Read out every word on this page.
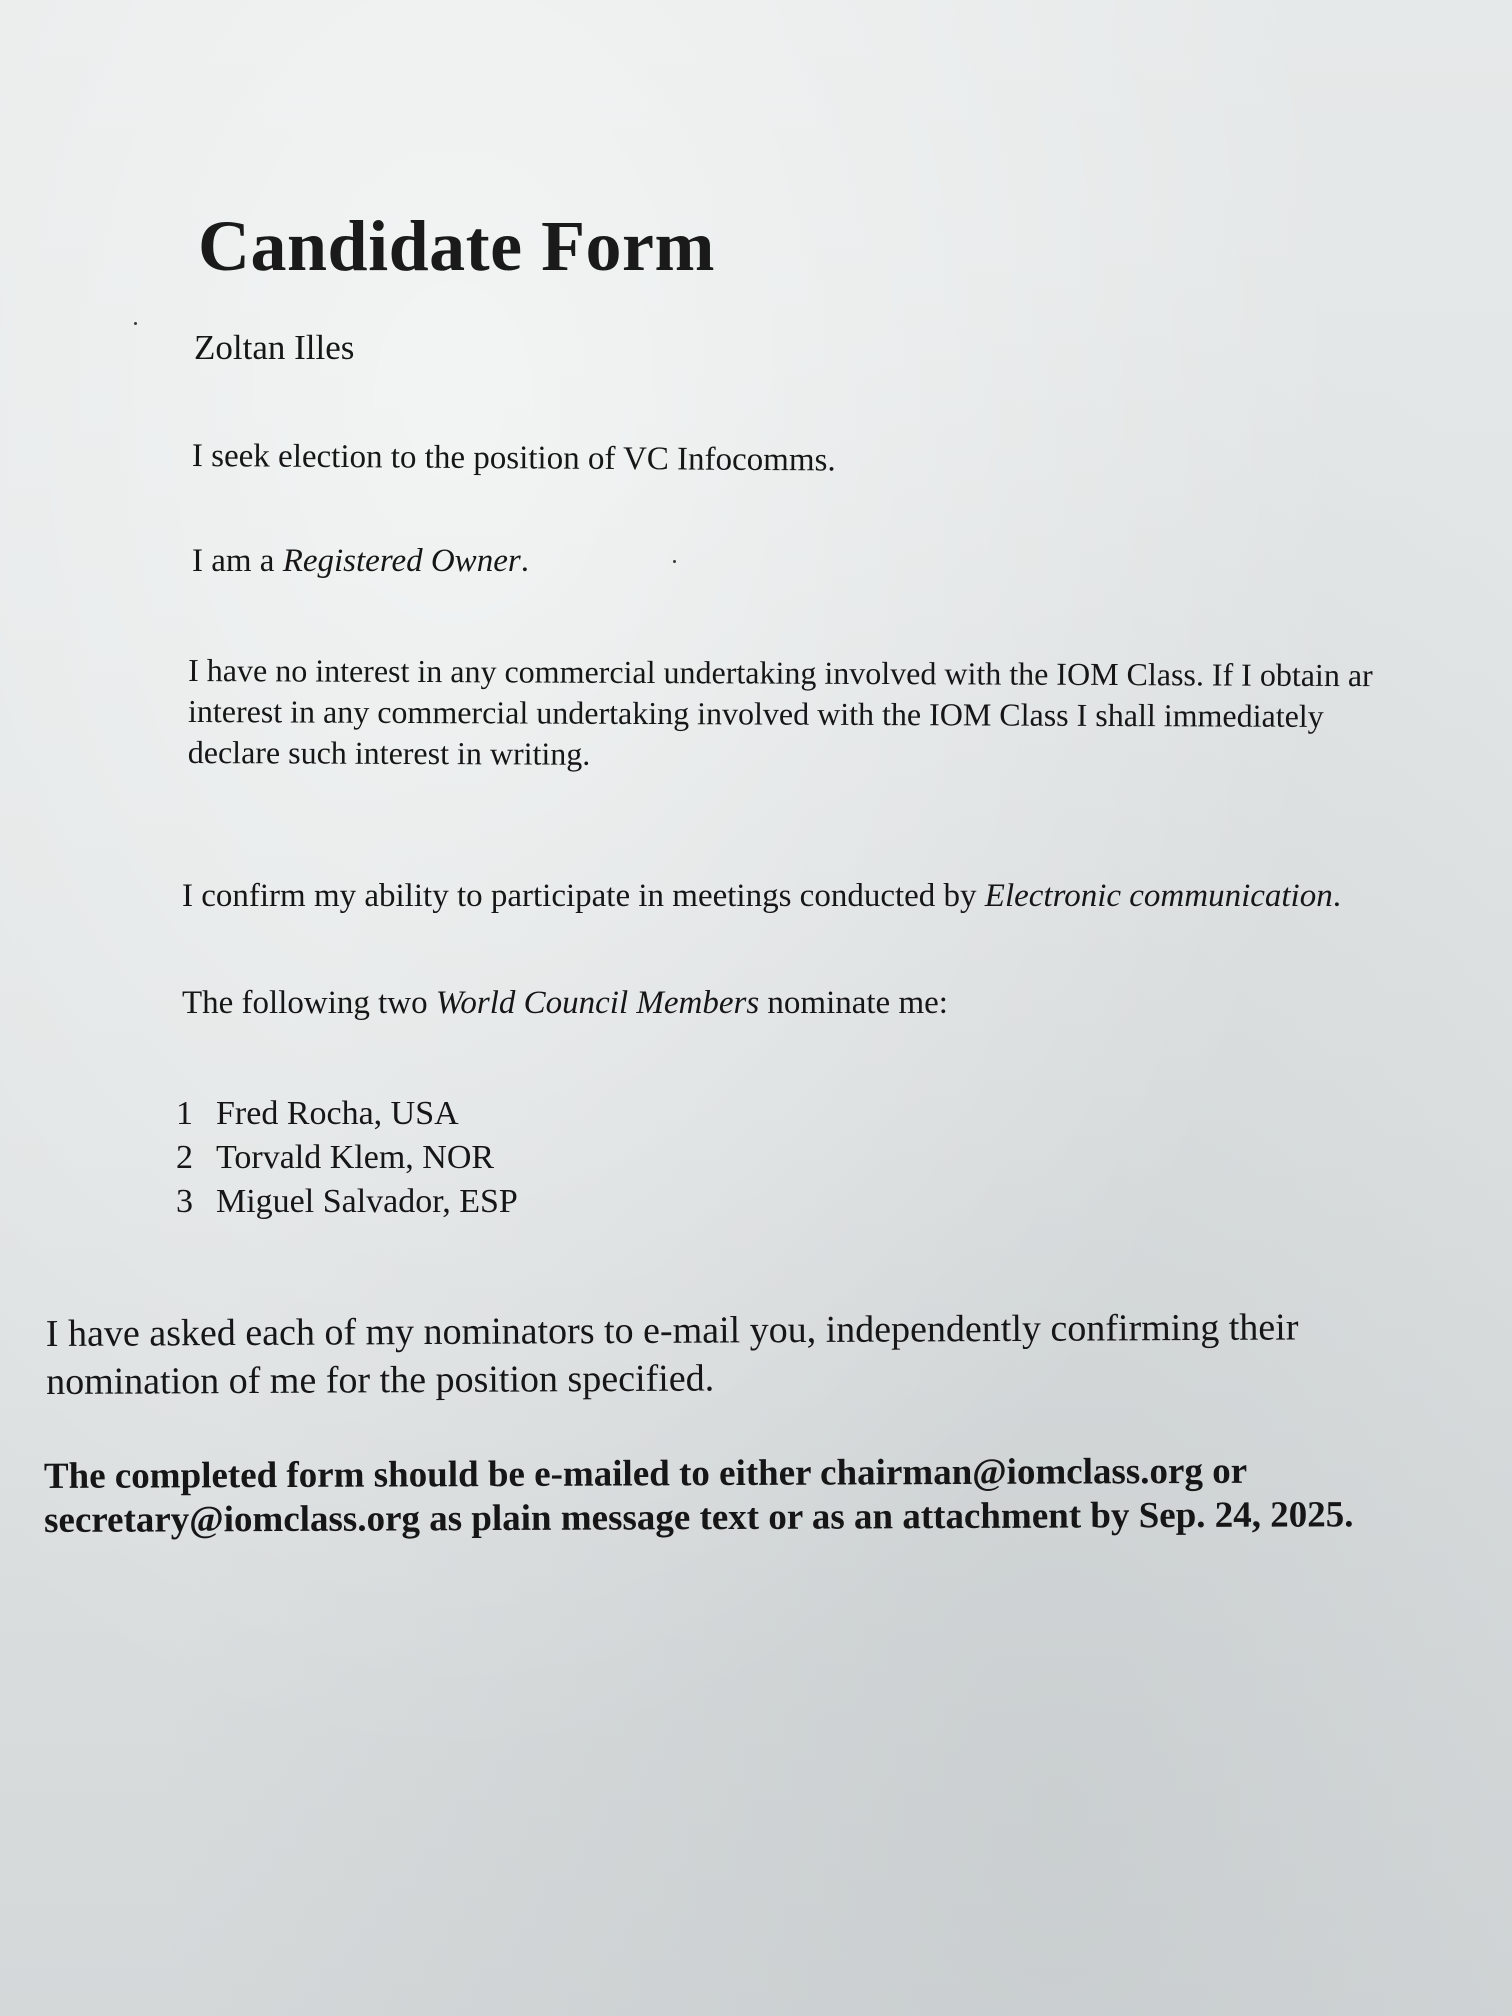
Candidate Form

Zoltan Illes

I seek election to the position of VC Infocomms.

I am a Registered Owner.

I have no interest in any commercial undertaking involved with the IOM Class. If I obtain ar
interest in any commercial undertaking involved with the IOM Class I shall immediately
declare such interest in writing.

I confirm my ability to participate in meetings conducted by Electronic communication.

The following two World Council Members nominate me:

1 Fred Rocha, USA
2 Torvald Klem, NOR
3 Miguel Salvador, ESP
I have asked each of my nominators to e-mail you, independently confirming their
nomination of me for the position specified.
The completed form should be e-mailed to either chairman@iomclass.org or
secretary@iomclass.org as plain message text or as an attachment by Sep. 24, 2025.
